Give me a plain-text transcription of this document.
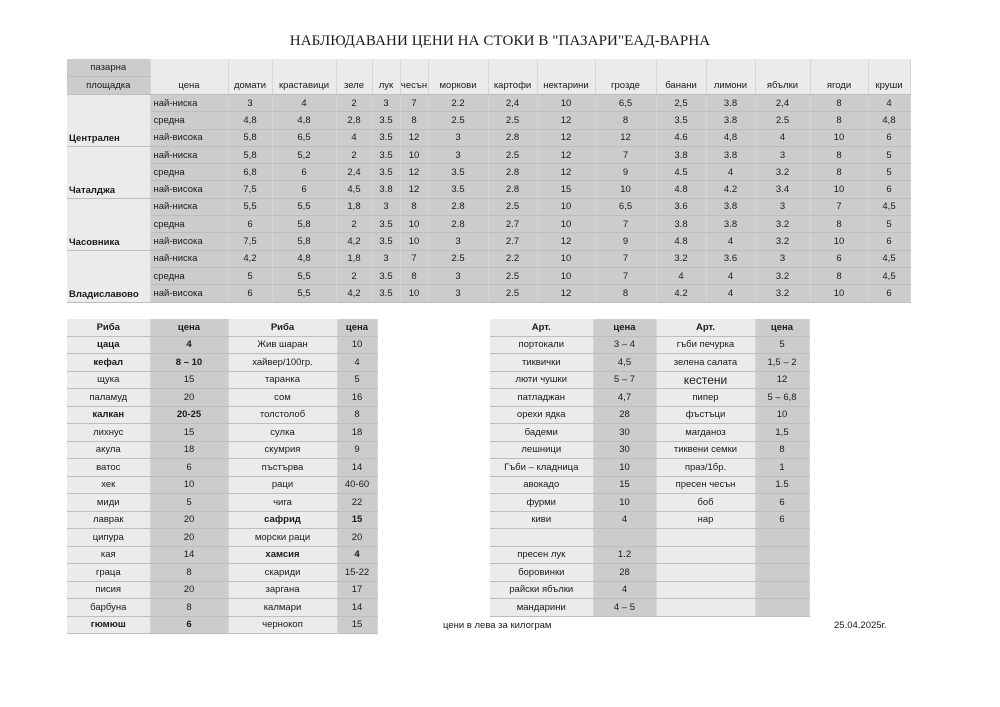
НАБЛЮДАВАНИ ЦЕНИ НА СТОКИ В "ПАЗАРИ"ЕАД-ВАРНА
пазарна	цена	домати	краставици	зеле	лук	чесън	моркови	картофи	нектарини	грозде	банани	лимони	ябълки	ягоди	круши
площадка															
Централен	най-ниска	3	4	2	3	7	2.2	2,4	10	6,5	2,5	3.8	2,4	8	4
	средна	4,8	4,8	2,8	3.5	8	2.5	2.5	12	8	3.5	3.8	2.5	8	4,8
	най-висока	5,8	6,5	4	3.5	12	3	2.8	12	12	4.6	4,8	4	10	6
Чаталджа	най-ниска	5,8	5,2	2	3.5	10	3	2.5	12	7	3.8	3.8	3	8	5
	средна	6,8	6	2,4	3.5	12	3.5	2.8	12	9	4.5	4	3.2	8	5
	най-висока	7,5	6	4,5	3.8	12	3.5	2.8	15	10	4.8	4.2	3.4	10	6
Часовника	най-ниска	5,5	5,5	1,8	3	8	2.8	2.5	10	6,5	3.6	3.8	3	7	4,5
	средна	6	5,8	2	3.5	10	2.8	2.7	10	7	3.8	3.8	3.2	8	5
	най-висока	7,5	5,8	4,2	3.5	10	3	2.7	12	9	4.8	4	3.2	10	6
Владиславово	най-ниска	4,2	4,8	1,8	3	7	2.5	2.2	10	7	3.2	3.6	3	6	4,5
	средна	5	5,5	2	3.5	8	3	2.5	10	7	4	4	3.2	8	4,5
	най-висока	6	5,5	4,2	3.5	10	3	2.5	12	8	4.2	4	3.2	10	6
Риба	цена	Риба	цена
цаца	4	Жив шаран	10
кефал	8 – 10	хайвер/100гр.	4
щука	15	таранка	5
паламуд	20	сом	16
калкан	20-25	толстолоб	8
лихнус	15	сулка	18
акула	18	скумрия	9
ватос	6	пъстърва	14
хек	10	раци	40-60
миди	5	чига	22
лаврак	20	сафрид	15
ципура	20	морски раци	20
кая	14	хамсия	4
граца	8	скариди	15-22
писия	20	заргана	17
барбуна	8	калмари	14
гюмюш	6	чернокоп	15
Арт.	цена	Арт.	цена
портокали	3 – 4	гъби печурка	5
тиквички	4,5	зелена салата	1,5 – 2
люти чушки	5 – 7	кестени	12
патладжан	4,7	пипер	5 – 6,8
орехи ядка	28	фъстъци	10
бадеми	30	магданоз	1,5
лешници	30	тиквени семки	8
Гъби – кладница	10	праз/1бр.	1
авокадо	15	пресен чесън	1.5
фурми	10	боб	6
киви	4	нар	6

пресен лук	1.2		
боровинки	28		
райски ябълки	4		
мандарини	4 – 5		
цени в лева за килограм	25.04.2025г.
